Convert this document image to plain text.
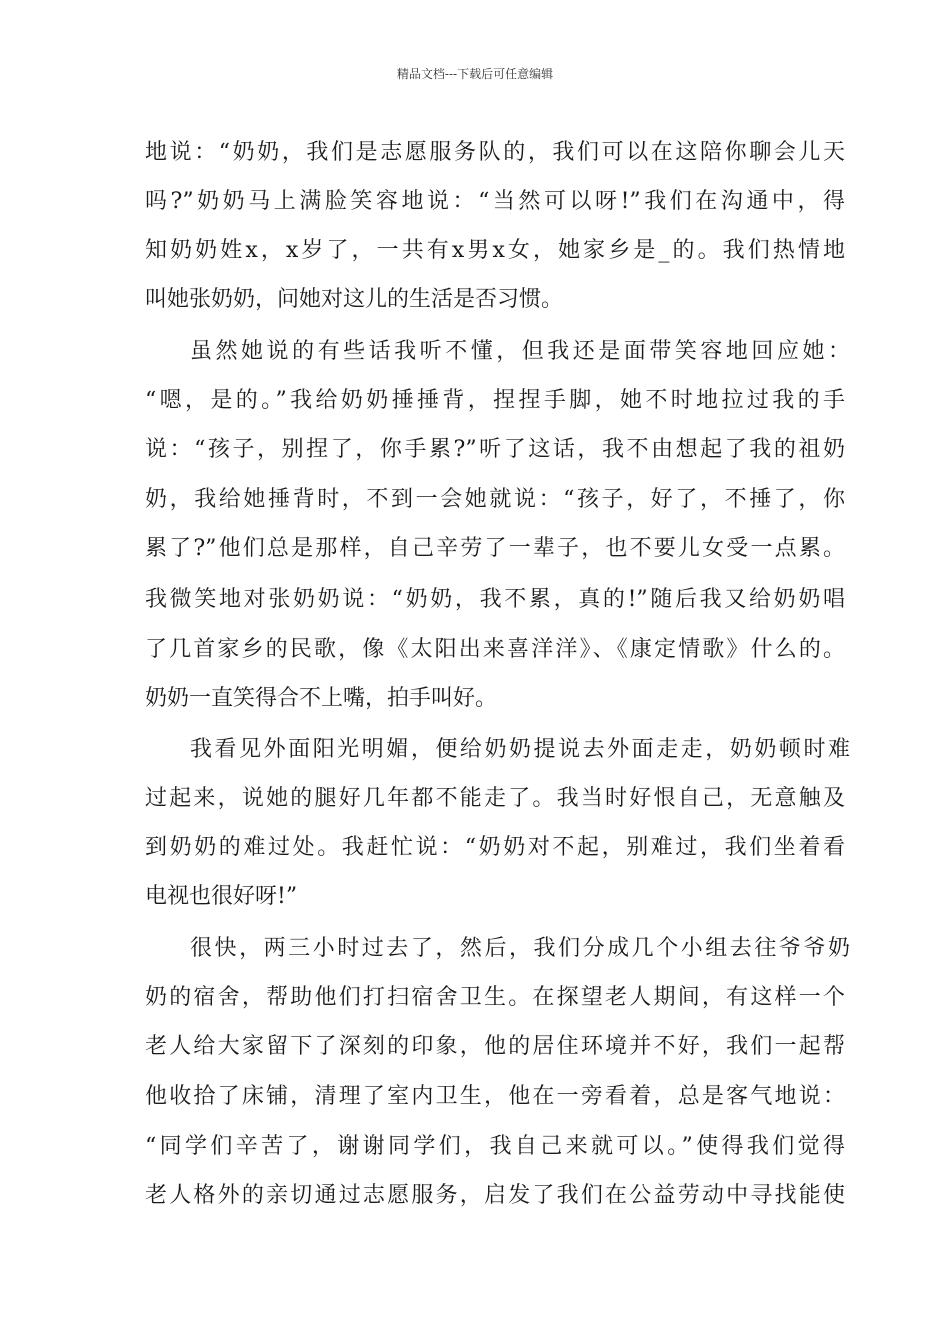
精品文档---下载后可任意编辑
地说：“奶奶，我们是志愿服务队的，我们可以在这陪你聊会儿天
吗?”奶奶马上满脸笑容地说：“当然可以呀!”我们在沟通中，得
知奶奶姓x，x岁了，一共有x男x女，她家乡是_的。我们热情地
叫她张奶奶，问她对这儿的生活是否习惯。
虽然她说的有些话我听不懂，但我还是面带笑容地回应她：
“嗯，是的。”我给奶奶捶捶背，捏捏手脚，她不时地拉过我的手
说：“孩子，别捏了，你手累?”听了这话，我不由想起了我的祖奶
奶，我给她捶背时，不到一会她就说：“孩子，好了，不捶了，你
累了?”他们总是那样，自己辛劳了一辈子，也不要儿女受一点累。
我微笑地对张奶奶说：“奶奶，我不累，真的!”随后我又给奶奶唱
了几首家乡的民歌，像《太阳出来喜洋洋》、《康定情歌》什么的。
奶奶一直笑得合不上嘴，拍手叫好。
我看见外面阳光明媚，便给奶奶提说去外面走走，奶奶顿时难
过起来，说她的腿好几年都不能走了。我当时好恨自己，无意触及
到奶奶的难过处。我赶忙说：“奶奶对不起，别难过，我们坐着看
电视也很好呀!”
很快，两三小时过去了，然后，我们分成几个小组去往爷爷奶
奶的宿舍，帮助他们打扫宿舍卫生。在探望老人期间，有这样一个
老人给大家留下了深刻的印象，他的居住环境并不好，我们一起帮
他收拾了床铺，清理了室内卫生，他在一旁看着，总是客气地说：
“同学们辛苦了，谢谢同学们，我自己来就可以。”使得我们觉得
老人格外的亲切通过志愿服务，启发了我们在公益劳动中寻找能使
